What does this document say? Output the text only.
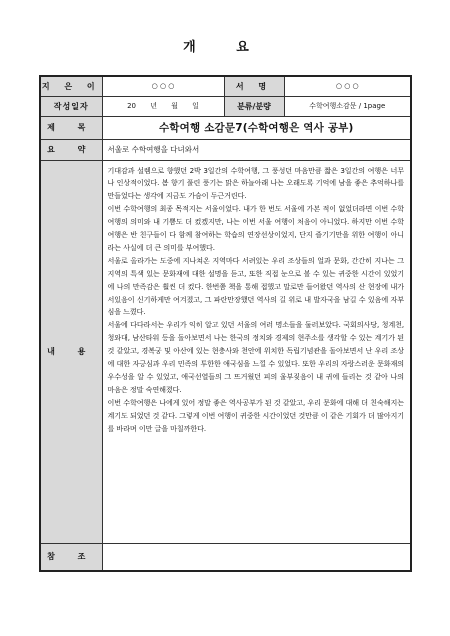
개 요
지 은 이	○ ○ ○	서 명	○ ○ ○
작성일자	20 년 월 일	분류/분량	수학여행소감문 / 1page
제 목	수학여행 소감문7(수학여행은 역사 공부)		
요 약	서울로 수학여행을 다녀와서		
내 용	기대감과 설렘으로 향했던 2박 3일간의 수학여행, 그 풍성던 마음만큼 짧은 3일간의 여행은 너무나 인상적이었다. 봄 향기 풀린 풍기는 맑은 하늘아래 나는 오래도록 기억에 남을 좋은 추억하나를 만들었다는 생각에 지금도 가슴이 두근거린다.

이번 수학여행의 최종 목적지는 서울이었다. 내가 한 번도 서울에 가본 적이 없었더라면 이번 수학여행의 의미와 내 기쁨도 더 컸겠지만, 나는 이번 서울 여행이 처음이 아니었다. 하지만 이번 수학여행은 반 친구들이 다 함께 참여하는 학습의 연장선상이었지, 단지 즐기기만을 위한 여행이 아니라는 사실에 더 큰 의미를 부여했다.

서울로 올라가는 도중에 지나쳐온 지역마다 서려있는 우리 조상들의 얼과 문화, 간간히 지나는 그 지역의 특색 있는 문화재에 대한 설명을 듣고, 또한 직접 눈으로 볼 수 있는 귀중한 시간이 있었기에 나의 만족감은 훨씬 더 컸다. 한번쯤 책을 통해 접했고 말로만 들어왔던 역사의 산 현장에 내가 서있음이 신기하게만 여겨졌고, 그 파란만장했던 역사의 길 위로 내 발자국을 남길 수 있음에 자부심을 느꼈다.

서울에 다다라서는 우리가 익히 알고 있던 서울의 여러 명소들을 둘러보았다. 국회의사당, 청계천, 청와대, 남산타워 등을 돌아보면서 나는 한국의 정치와 경제의 현주소를 생각할 수 있는 계기가 된 것 같았고, 경복궁 및 아산에 있는 현충사와 천안에 위치한 독립기념관을 돌아보면서 난 우리 조상에 대한 자긍심과 우리 민족의 투한한 애국심을 느낄 수 있었다. 또한 우리의 자랑스러운 문화재의 우수성을 알 수 있었고, 애국선열들의 그 뜨거웠던 피의 울부짖음이 내 귀에 들리는 것 같아 나의 마음은 정말 숙연해졌다.

이번 수학여행은 나에게 있어 정말 좋은 역사공부가 된 것 같았고, 우리 문화에 대해 더 친숙해지는 계기도 되었던 것 같다. 그렇게 이번 여행이 귀중한 시간이었던 것만큼 이 같은 기회가 더 많아지기를 바라며 이만 글을 마칠까한다.		

참 조			
